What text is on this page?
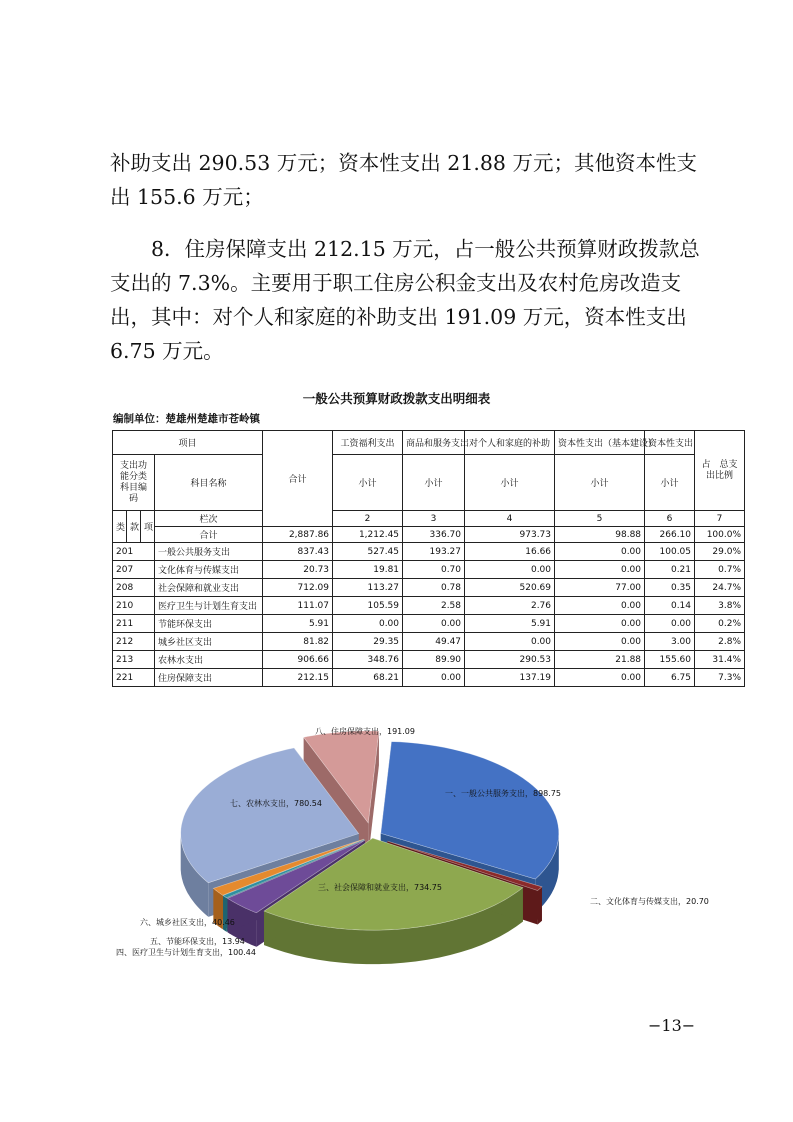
补助支出 290.53 万元；资本性支出 21.88 万元；其他资本性支出 155.6 万元；

8．住房保障支出 212.15 万元，占一般公共预算财政拨款总支出的 7.3%。主要用于职工住房公积金支出及农村危房改造支出，其中：对个人和家庭的补助支出 191.09 万元，资本性支出 6.75 万元。

一般公共预算财政拨款支出明细表
编制单位：楚雄州楚雄市苍岭镇
项目				合计	工资福利支出	商品和服务支出	对个人和家庭的补助	资本性支出（基本建设）	资本性支出	占　总支出比例
支出功能分类科目编码			科目名称		小计	小计	小计	小计	小计	
类	款	项	栏次		2	3	4	5	6	7
			合计	2,887.86	1,212.45	336.70	973.73	98.88	266.10	100.0%
201			一般公共服务支出	837.43	527.45	193.27	16.66	0.00	100.05	29.0%
207			文化体育与传媒支出	20.73	19.81	0.70	0.00	0.00	0.21	0.7%
208			社会保障和就业支出	712.09	113.27	0.78	520.69	77.00	0.35	24.7%
210			医疗卫生与计划生育支出	111.07	105.59	2.58	2.76	0.00	0.14	3.8%
211			节能环保支出	5.91	0.00	0.00	5.91	0.00	0.00	0.2%
212			城乡社区支出	81.82	29.35	49.47	0.00	0.00	3.00	2.8%
213			农林水支出	906.66	348.76	89.90	290.53	21.88	155.60	31.4%
221			住房保障支出	212.15	68.21	0.00	137.19	0.00	6.75	7.3%
一、一般公共服务支出，898.75
二、文化体育与传媒支出，20.70
三、社会保障和就业支出，734.75
四、医疗卫生与计划生育支出，100.44
五、节能环保支出，13.94
六、城乡社区支出，40.46
七、农林水支出，780.54
八、住房保障支出，191.09
−13−
